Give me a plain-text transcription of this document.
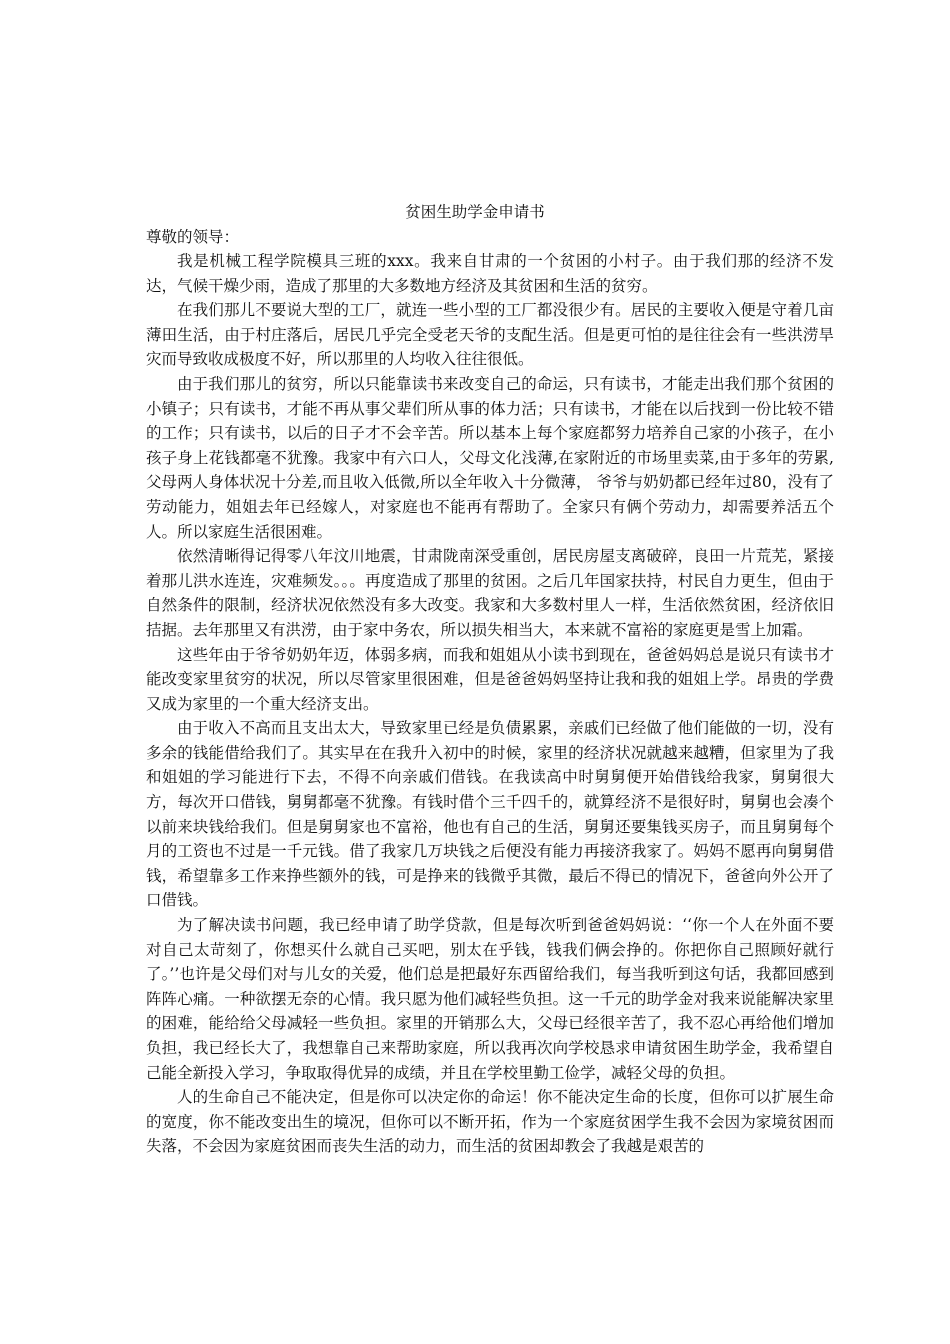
贫困生助学金申请书

尊敬的领导：

我是机械工程学院模具三班的xxx。我来自甘肃的一个贫困的小村子。由于我们那的经济不发达，气候干燥少雨，造成了那里的大多数地方经济及其贫困和生活的贫穷。

在我们那儿不要说大型的工厂，就连一些小型的工厂都没很少有。居民的主要收入便是守着几亩薄田生活，由于村庄落后，居民几乎完全受老天爷的支配生活。但是更可怕的是往往会有一些洪涝旱灾而导致收成极度不好，所以那里的人均收入往往很低。

由于我们那儿的贫穷，所以只能靠读书来改变自己的命运，只有读书，才能走出我们那个贫困的小镇子；只有读书，才能不再从事父辈们所从事的体力活；只有读书，才能在以后找到一份比较不错的工作；只有读书，以后的日子才不会辛苦。所以基本上每个家庭都努力培养自己家的小孩子，在小孩子身上花钱都毫不犹豫。我家中有六口人，父母文化浅薄,在家附近的市场里卖菜,由于多年的劳累,父母两人身体状况十分差,而且收入低微,所以全年收入十分微薄， 爷爷与奶奶都已经年过80，没有了劳动能力，姐姐去年已经嫁人，对家庭也不能再有帮助了。全家只有俩个劳动力，却需要养活五个人。所以家庭生活很困难。

依然清晰得记得零八年汶川地震，甘肃陇南深受重创，居民房屋支离破碎，良田一片荒芜，紧接着那儿洪水连连，灾难频发。。。再度造成了那里的贫困。之后几年国家扶持，村民自力更生，但由于自然条件的限制，经济状况依然没有多大改变。我家和大多数村里人一样，生活依然贫困，经济依旧拮据。去年那里又有洪涝，由于家中务农，所以损失相当大，本来就不富裕的家庭更是雪上加霜。

这些年由于爷爷奶奶年迈，体弱多病，而我和姐姐从小读书到现在，爸爸妈妈总是说只有读书才能改变家里贫穷的状况，所以尽管家里很困难，但是爸爸妈妈坚持让我和我的姐姐上学。昂贵的学费又成为家里的一个重大经济支出。

由于收入不高而且支出太大，导致家里已经是负债累累，亲戚们已经做了他们能做的一切，没有多余的钱能借给我们了。其实早在在我升入初中的时候，家里的经济状况就越来越糟，但家里为了我和姐姐的学习能进行下去，不得不向亲戚们借钱。在我读高中时舅舅便开始借钱给我家，舅舅很大方，每次开口借钱，舅舅都毫不犹豫。有钱时借个三千四千的，就算经济不是很好时，舅舅也会凑个以前来块钱给我们。但是舅舅家也不富裕，他也有自己的生活，舅舅还要集钱买房子，而且舅舅每个月的工资也不过是一千元钱。借了我家几万块钱之后便没有能力再接济我家了。妈妈不愿再向舅舅借钱，希望靠多工作来挣些额外的钱，可是挣来的钱微乎其微，最后不得已的情况下，爸爸向外公开了口借钱。

为了解决读书问题，我已经申请了助学贷款，但是每次听到爸爸妈妈说：‘‘你一个人在外面不要对自己太苛刻了，你想买什么就自己买吧，别太在乎钱，钱我们俩会挣的。你把你自己照顾好就行了。’’也许是父母们对与儿女的关爱，他们总是把最好东西留给我们，每当我听到这句话，我都回感到阵阵心痛。一种欲摆无奈的心情。我只愿为他们减轻些负担。这一千元的助学金对我来说能解决家里的困难，能给给父母减轻一些负担。家里的开销那么大，父母已经很辛苦了，我不忍心再给他们增加负担，我已经长大了，我想靠自己来帮助家庭，所以我再次向学校恳求申请贫困生助学金，我希望自己能全新投入学习，争取取得优异的成绩，并且在学校里勤工俭学，减轻父母的负担。

人的生命自己不能决定，但是你可以决定你的命运！你不能决定生命的长度，但你可以扩展生命的宽度，你不能改变出生的境况，但你可以不断开拓，作为一个家庭贫困学生我不会因为家境贫困而失落，不会因为家庭贫困而丧失生活的动力，而生活的贫困却教会了我越是艰苦的
